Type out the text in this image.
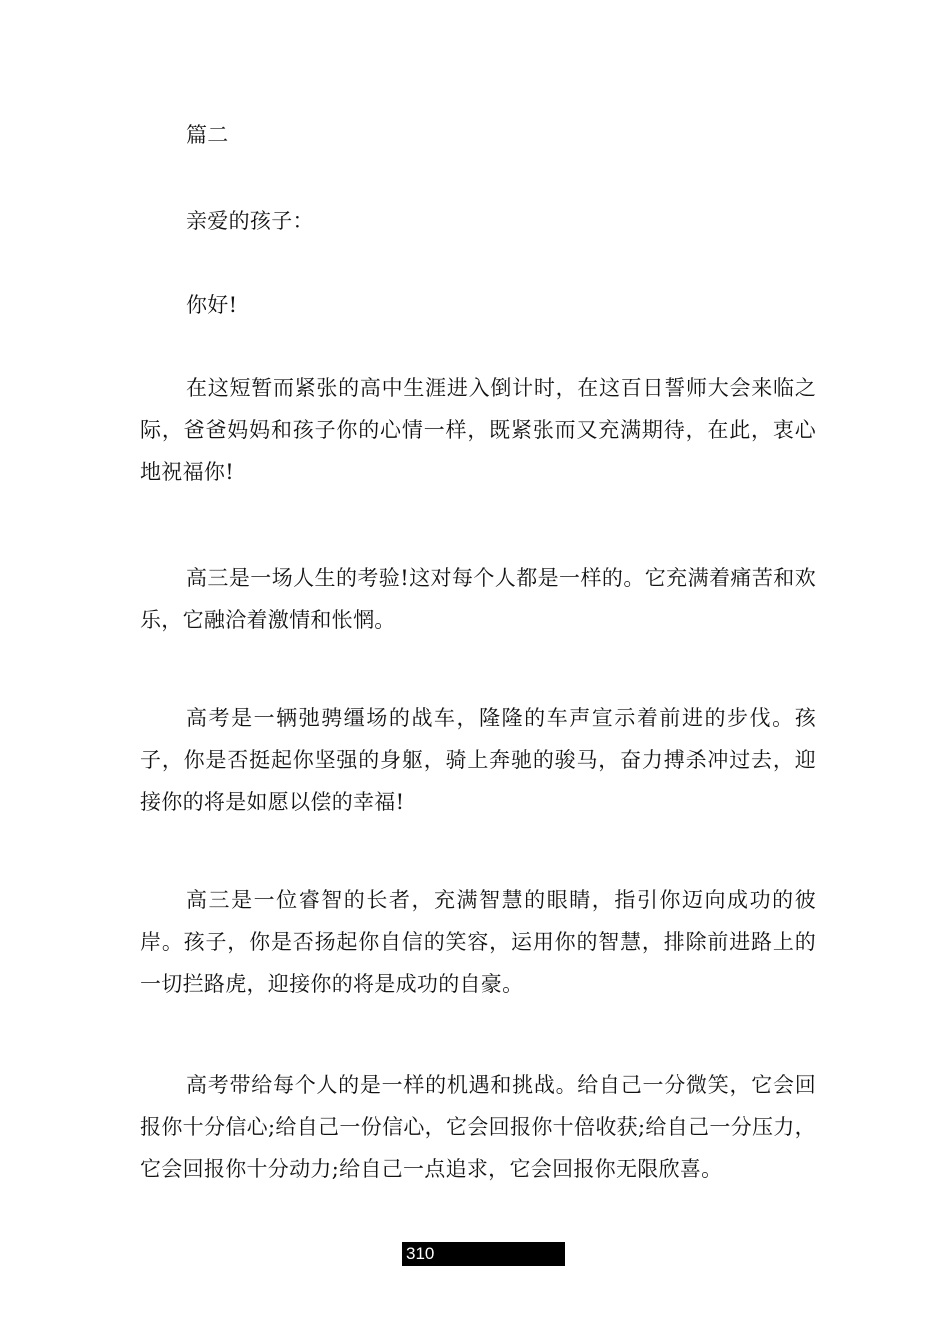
篇二

亲爱的孩子：

你好!

在这短暂而紧张的高中生涯进入倒计时，在这百日誓师大会来临之际，爸爸妈妈和孩子你的心情一样，既紧张而又充满期待，在此，衷心地祝福你!

高三是一场人生的考验!这对每个人都是一样的。它充满着痛苦和欢乐，它融洽着激情和怅惘。

高考是一辆弛骋缰场的战车，隆隆的车声宣示着前进的步伐。孩子，你是否挺起你坚强的身躯，骑上奔驰的骏马，奋力搏杀冲过去，迎接你的将是如愿以偿的幸福!

高三是一位睿智的长者，充满智慧的眼睛，指引你迈向成功的彼岸。孩子，你是否扬起你自信的笑容，运用你的智慧，排除前进路上的一切拦路虎，迎接你的将是成功的自豪。

高考带给每个人的是一样的机遇和挑战。给自己一分微笑，它会回报你十分信心;给自己一份信心，它会回报你十倍收获;给自己一分压力，它会回报你十分动力;给自己一点追求，它会回报你无限欣喜。

310
